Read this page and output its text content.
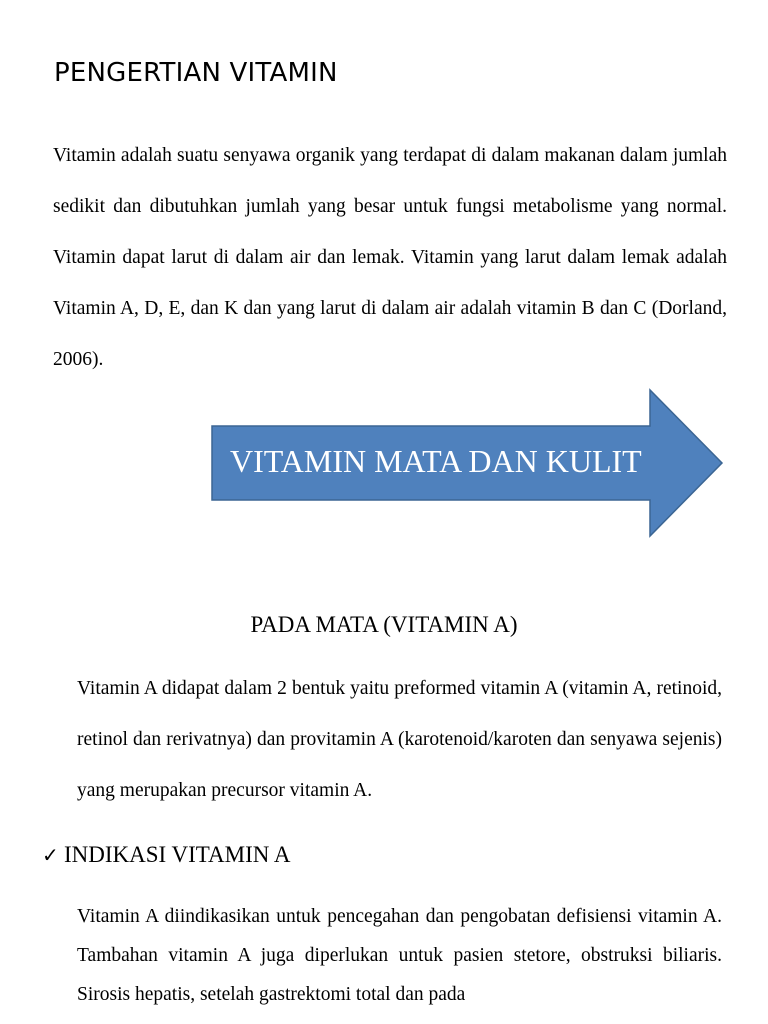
PENGERTIAN VITAMIN

Vitamin adalah suatu senyawa organik yang terdapat di dalam makanan dalam jumlah sedikit dan dibutuhkan jumlah yang besar untuk fungsi metabolisme yang normal. Vitamin dapat larut di dalam air dan lemak. Vitamin yang larut dalam lemak adalah Vitamin A, D, E, dan K dan yang larut di dalam air adalah vitamin B dan C (Dorland, 2006).

VITAMIN MATA DAN KULIT
PADA MATA (VITAMIN A)

Vitamin A didapat dalam 2 bentuk yaitu preformed vitamin A (vitamin A, retinoid, retinol dan rerivatnya) dan provitamin A (karotenoid/karoten dan senyawa sejenis) yang merupakan precursor vitamin A.

✓ INDIKASI VITAMIN A

Vitamin A diindikasikan untuk pencegahan dan pengobatan defisiensi vitamin A. Tambahan vitamin A juga diperlukan untuk pasien stetore, obstruksi biliaris. Sirosis hepatis, setelah gastrektomi total dan pada
